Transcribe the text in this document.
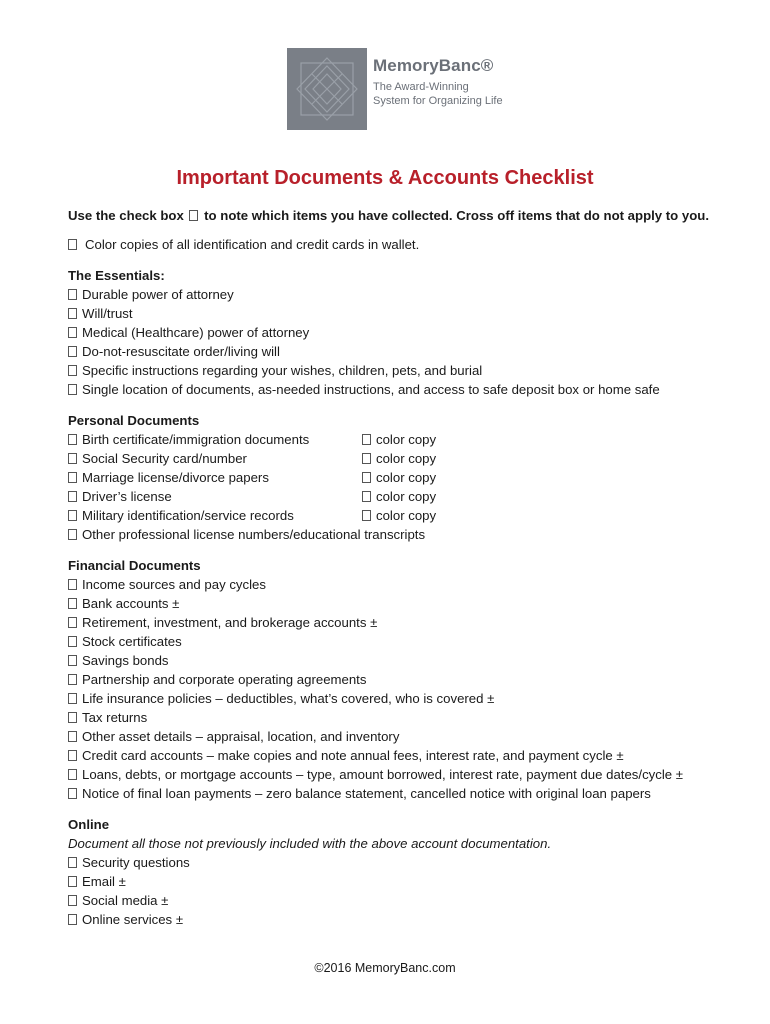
MemoryBanc®
The Award-Winning
System for Organizing Life
Important Documents & Accounts Checklist
Use the check box to note which items you have collected. Cross off items that do not apply to you.
Color copies of all identification and credit cards in wallet.
The Essentials:
Durable power of attorney
Will/trust
Medical (Healthcare) power of attorney
Do-not-resuscitate order/living will
Specific instructions regarding your wishes, children, pets, and burial
Single location of documents, as-needed instructions, and access to safe deposit box or home safe
Personal Documents
Birth certificate/immigration documents	color copy
Social Security card/number	color copy
Marriage license/divorce papers	color copy
Driver’s license	color copy
Military identification/service records	color copy
Other professional license numbers/educational transcripts
Financial Documents
Income sources and pay cycles
Bank accounts ±
Retirement, investment, and brokerage accounts ±
Stock certificates
Savings bonds
Partnership and corporate operating agreements
Life insurance policies – deductibles, what’s covered, who is covered ±
Tax returns
Other asset details – appraisal, location, and inventory
Credit card accounts – make copies and note annual fees, interest rate, and payment cycle ±
Loans, debts, or mortgage accounts – type, amount borrowed, interest rate, payment due dates/cycle ±
Notice of final loan payments – zero balance statement, cancelled notice with original loan papers
Online
Document all those not previously included with the above account documentation.
Security questions
Email ±
Social media ±
Online services ±
©2016 MemoryBanc.com
